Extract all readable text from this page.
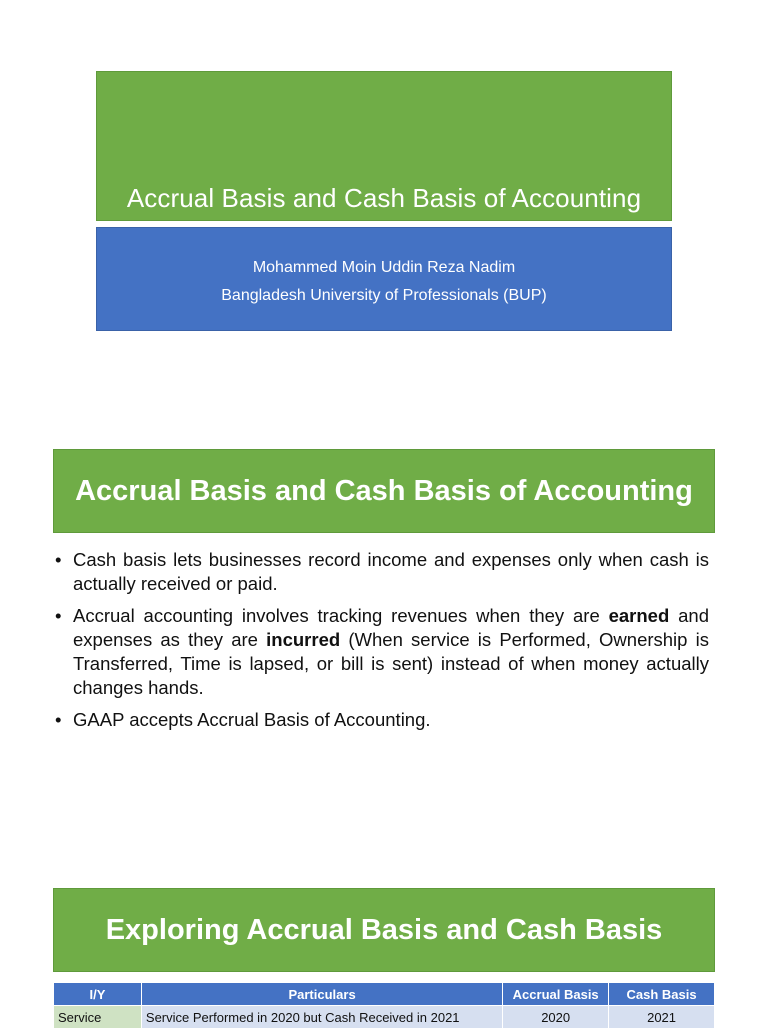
Accrual Basis and Cash Basis of Accounting
Mohammed Moin Uddin Reza Nadim
Bangladesh University of Professionals (BUP)
Accrual Basis and Cash Basis of Accounting
• Cash basis lets businesses record income and expenses only when cash is actually received or paid.
• Accrual accounting involves tracking revenues when they are earned and expenses as they are incurred (When service is Performed, Ownership is Transferred, Time is lapsed, or bill is sent) instead of when money actually changes hands.
• GAAP accepts Accrual Basis of Accounting.
Exploring Accrual Basis and Cash Basis
I/Y	Particulars	Accrual Basis	Cash Basis
Service	Service Performed in 2020 but Cash Received in 2021	2020	2021
